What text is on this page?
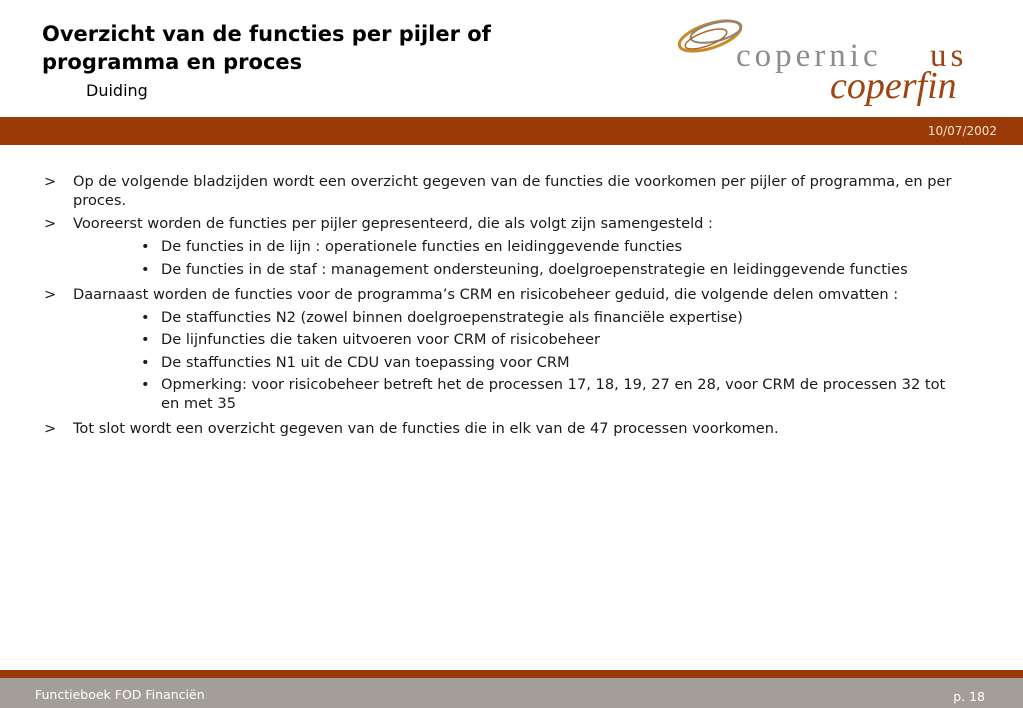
Overzicht van de functies per pijler of programma en proces
Duiding
copernic us
coperfin
10/07/2002
>	Op de volgende bladzijden wordt een overzicht gegeven van de functies die voorkomen per pijler of programma, en per proces.
>	Vooreerst worden de functies per pijler gepresenteerd, die als volgt zijn samengesteld :
• De functies in de lijn : operationele functies en leidinggevende functies
• De functies in de staf : management ondersteuning, doelgroepenstrategie en leidinggevende functies
>	Daarnaast worden de functies voor de programma’s CRM en risicobeheer geduid, die volgende delen omvatten :
• De staffuncties N2 (zowel binnen doelgroepenstrategie als financiële expertise)
• De lijnfuncties die taken uitvoeren voor CRM of risicobeheer
• De staffuncties N1 uit de CDU van toepassing voor CRM
• Opmerking: voor risicobeheer betreft het de processen 17, 18, 19, 27 en 28, voor CRM de processen 32 tot en met 35
>	Tot slot wordt een overzicht gegeven van de functies die in elk van de 47 processen voorkomen.
Functieboek FOD Financiën	p. 18
